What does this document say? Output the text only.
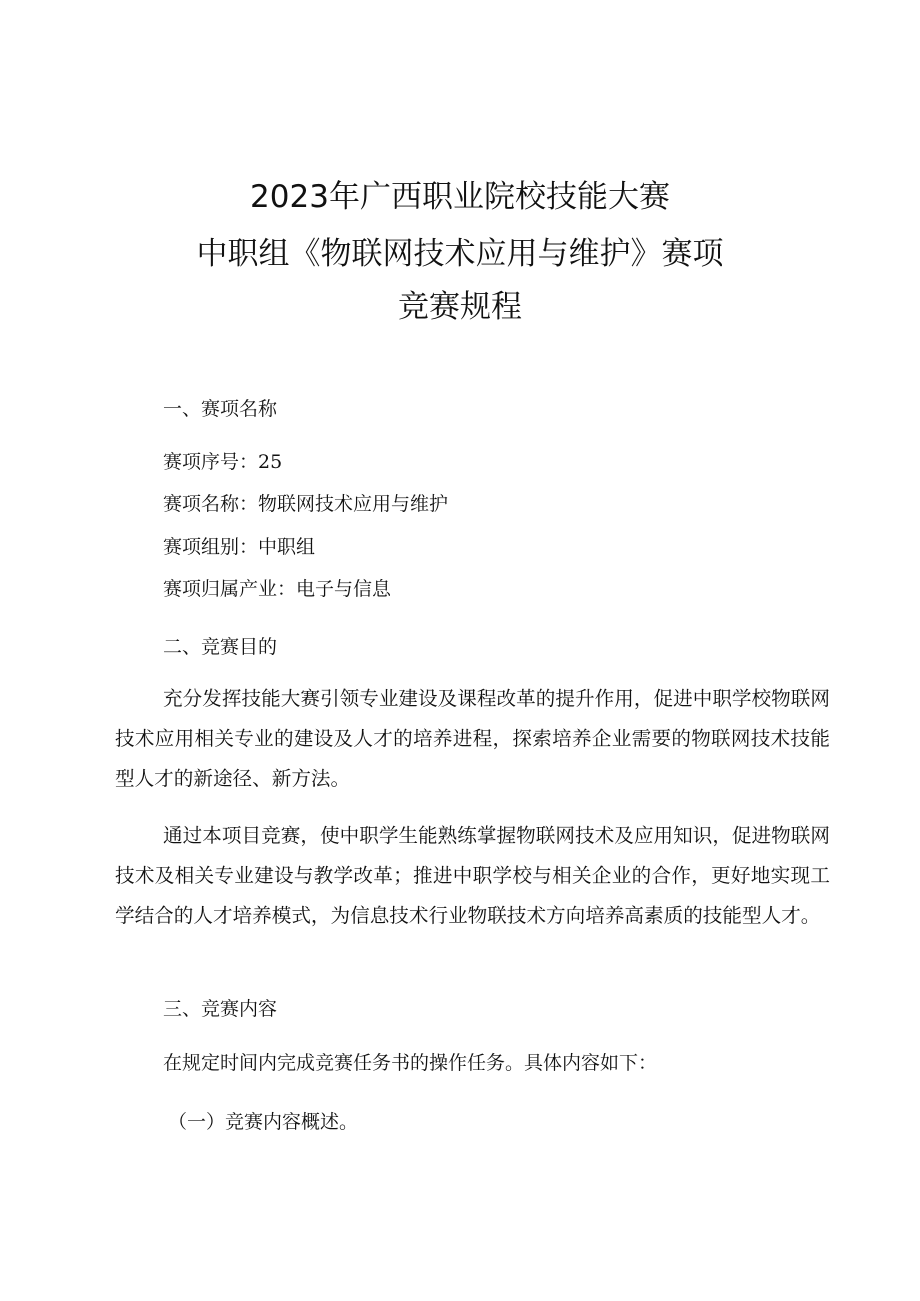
2023年广西职业院校技能大赛
中职组《物联网技术应用与维护》赛项
竞赛规程
一、赛项名称
赛项序号：25
赛项名称：物联网技术应用与维护
赛项组别：中职组
赛项归属产业：电子与信息
二、竞赛目的
充分发挥技能大赛引领专业建设及课程改革的提升作用，促进中职学校物联网技术应用相关专业的建设及人才的培养进程，探索培养企业需要的物联网技术技能型人才的新途径、新方法。
通过本项目竞赛，使中职学生能熟练掌握物联网技术及应用知识，促进物联网技术及相关专业建设与教学改革；推进中职学校与相关企业的合作，更好地实现工学结合的人才培养模式，为信息技术行业物联技术方向培养高素质的技能型人才。
三、竞赛内容
在规定时间内完成竞赛任务书的操作任务。具体内容如下：
（一）竞赛内容概述。
